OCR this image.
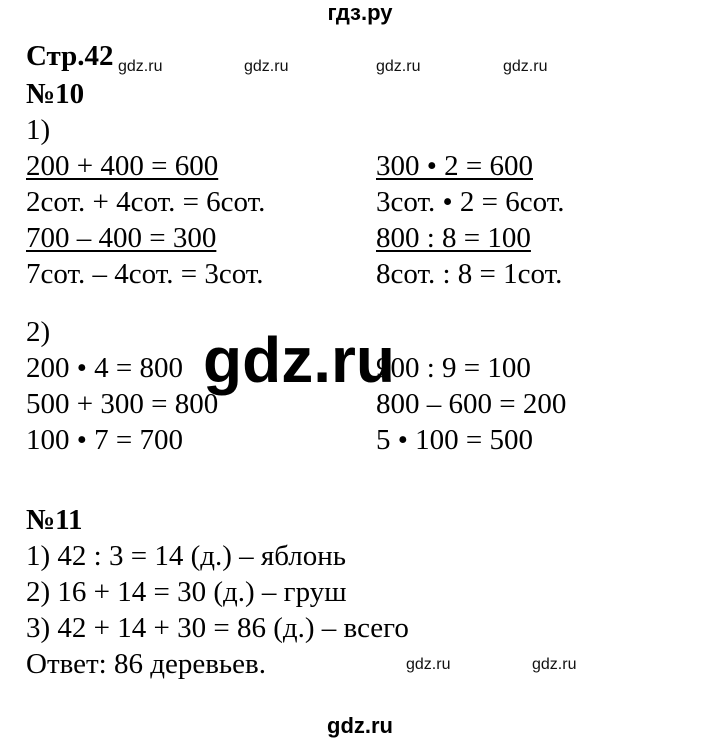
гдз.ру
gdz.ru
gdz.ru	gdz.ru	gdz.ru	gdz.ru
gdz.ru	gdz.ru
Стр.42
№10
1)
200 + 400 = 600
2сот. + 4сот. = 6сот.
700 – 400 = 300
7сот. – 4сот. = 3сот.
300 • 2 = 600
3сот. • 2 = 6сот.
800 : 8 = 100
8сот. : 8 = 1сот.
2)
200 • 4 = 800
500 + 300 = 800
100 • 7 = 700
900 : 9 = 100
800 – 600 = 200
5 • 100 = 500
gdz.ru
№11
1) 42 : 3 = 14 (д.) – яблонь
2) 16 + 14 = 30 (д.) – груш
3) 42 + 14 + 30 = 86 (д.) – всего
Ответ: 86 деревьев.
